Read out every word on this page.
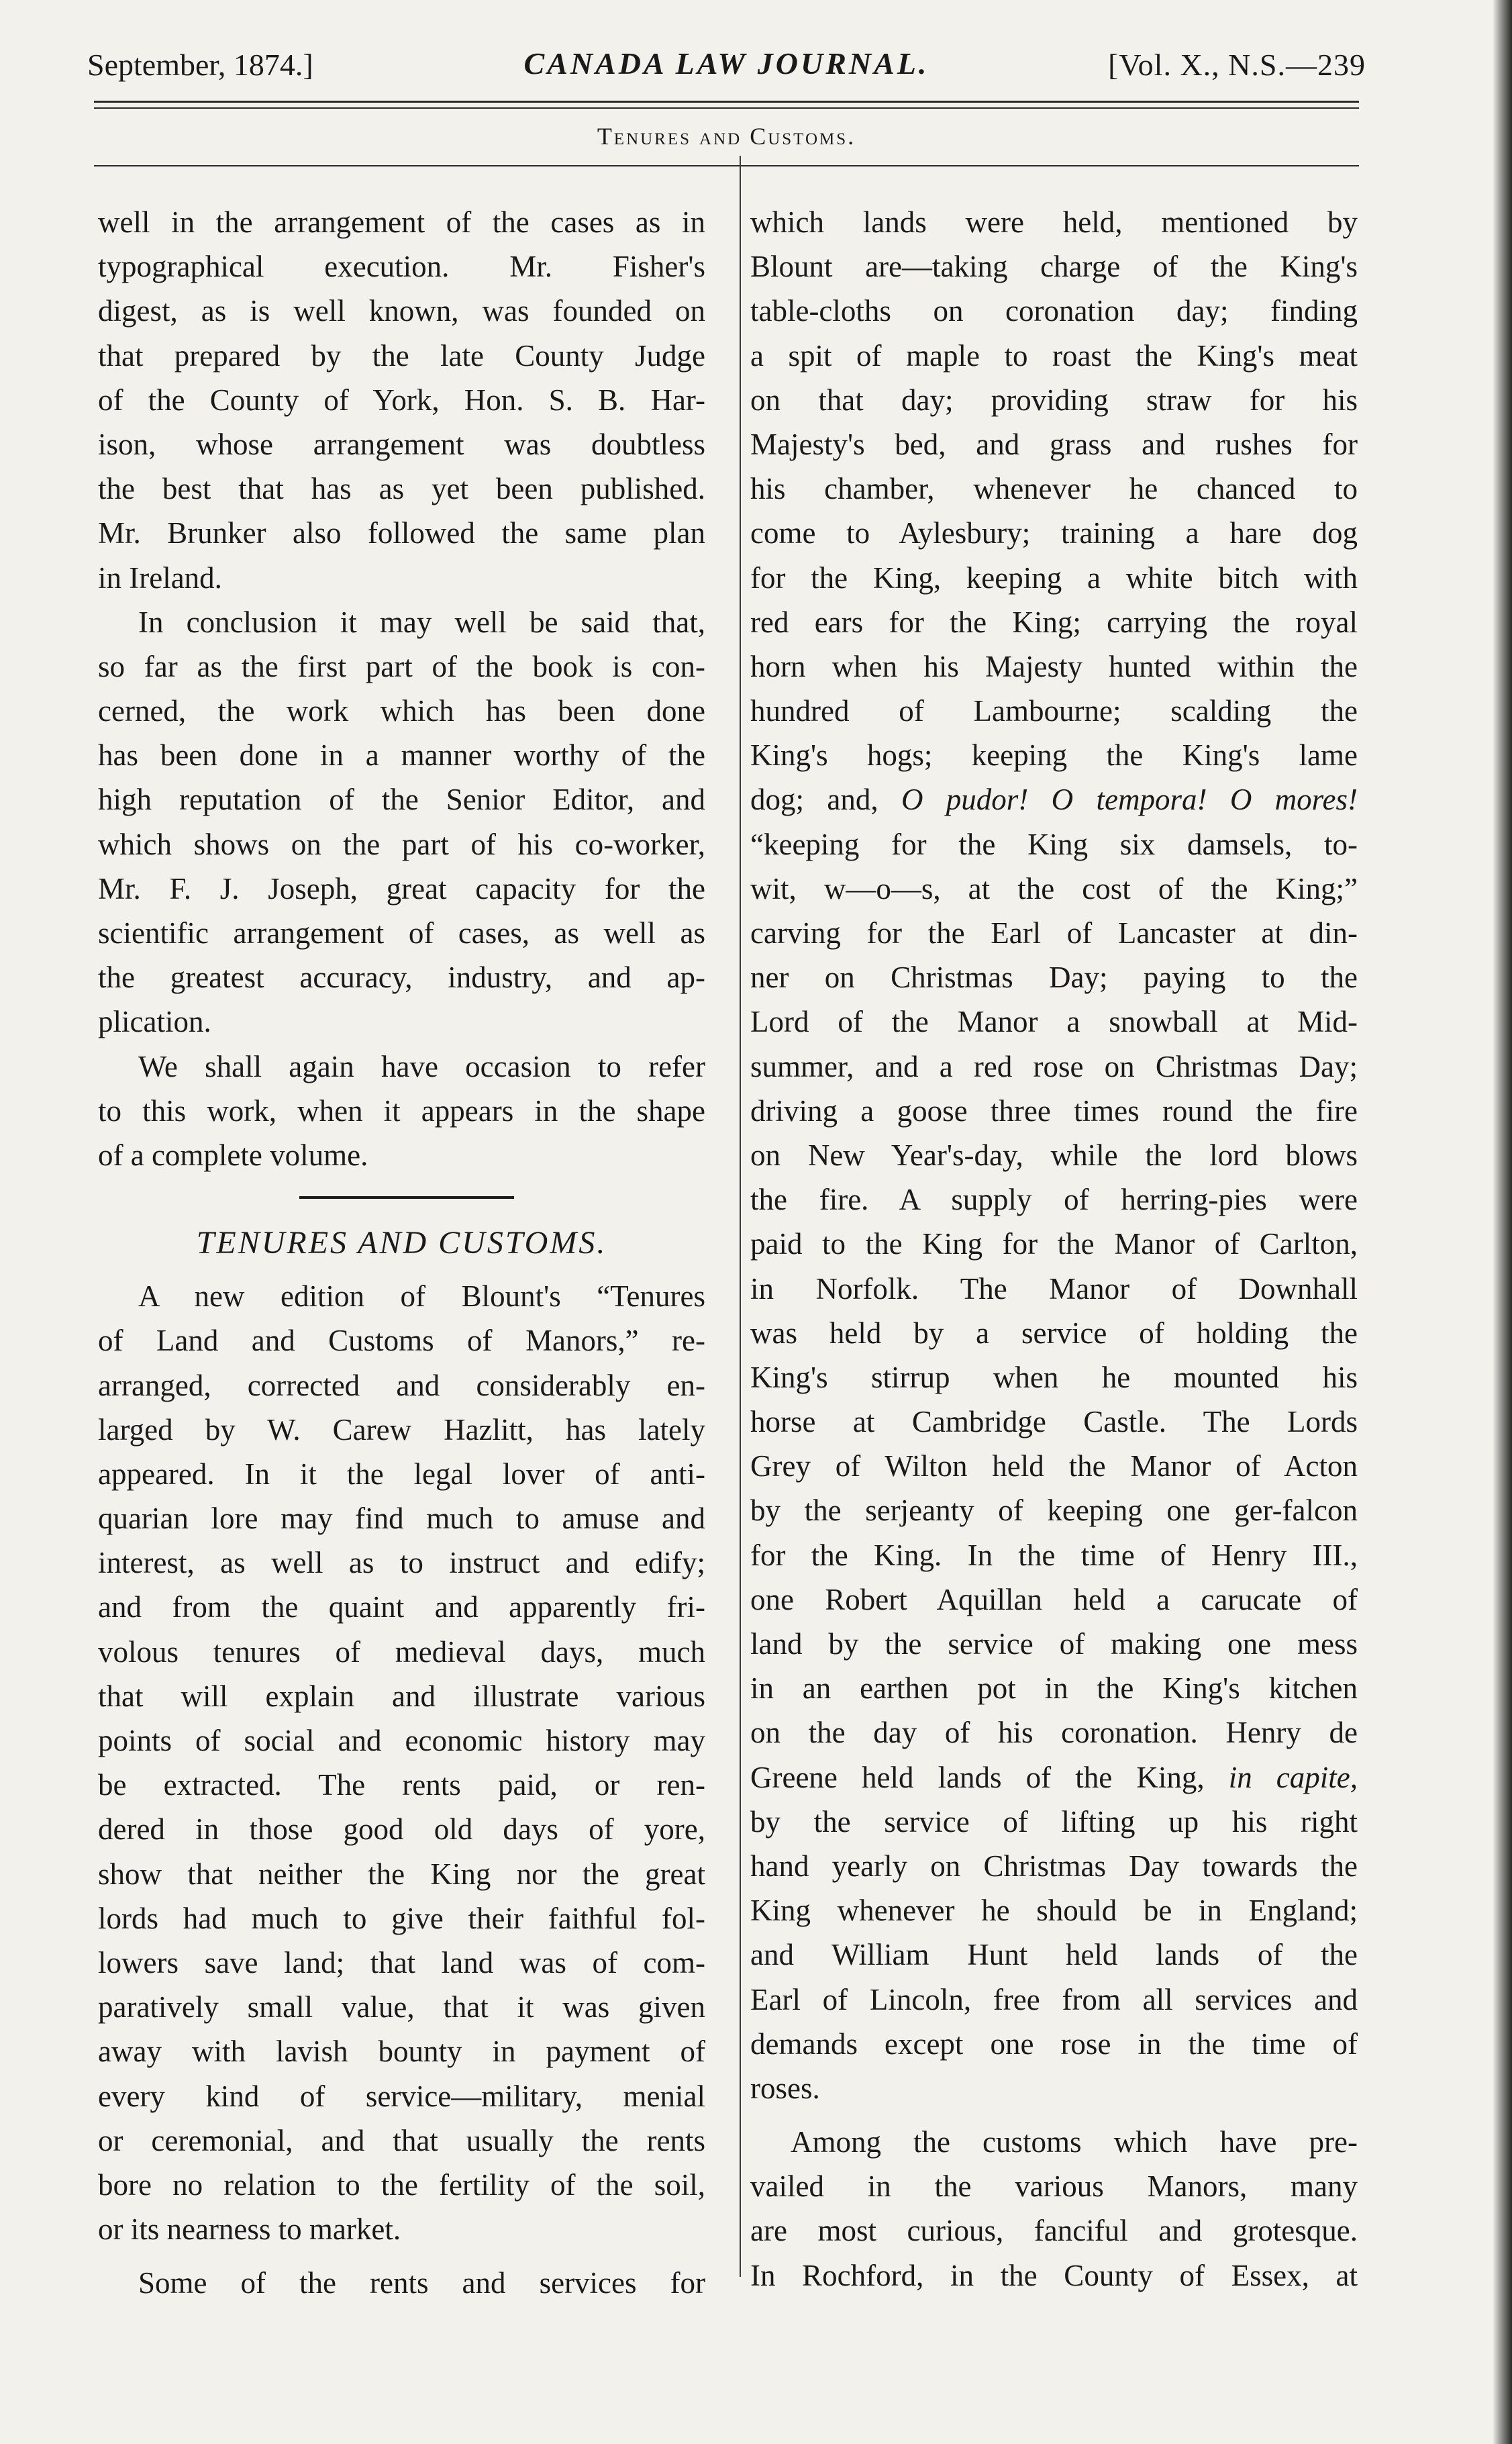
September, 1874.]	CANADA LAW JOURNAL.	[Vol. X., N.S.—239
Tenures and Customs.
well in the arrangement of the cases as in
typographical execution. Mr. Fisher's
digest, as is well known, was founded on
that prepared by the late County Judge
of the County of York, Hon. S. B. Har-
ison, whose arrangement was doubtless
the best that has as yet been published.
Mr. Brunker also followed the same plan
in Ireland.
In conclusion it may well be said that,
so far as the first part of the book is con-
cerned, the work which has been done
has been done in a manner worthy of the
high reputation of the Senior Editor, and
which shows on the part of his co-worker,
Mr. F. J. Joseph, great capacity for the
scientific arrangement of cases, as well as
the greatest accuracy, industry, and ap-
plication.
We shall again have occasion to refer
to this work, when it appears in the shape
of a complete volume.
TENURES AND CUSTOMS.
A new edition of Blount's “Tenures
of Land and Customs of Manors,” re-
arranged, corrected and considerably en-
larged by W. Carew Hazlitt, has lately
appeared. In it the legal lover of anti-
quarian lore may find much to amuse and
interest, as well as to instruct and edify;
and from the quaint and apparently fri-
volous tenures of medieval days, much
that will explain and illustrate various
points of social and economic history may
be extracted. The rents paid, or ren-
dered in those good old days of yore,
show that neither the King nor the great
lords had much to give their faithful fol-
lowers save land; that land was of com-
paratively small value, that it was given
away with lavish bounty in payment of
every kind of service—military, menial
or ceremonial, and that usually the rents
bore no relation to the fertility of the soil,
or its nearness to market.
Some of the rents and services for
which lands were held, mentioned by
Blount are—taking charge of the King's
table-cloths on coronation day; finding
a spit of maple to roast the King's meat
on that day; providing straw for his
Majesty's bed, and grass and rushes for
his chamber, whenever he chanced to
come to Aylesbury; training a hare dog
for the King, keeping a white bitch with
red ears for the King; carrying the royal
horn when his Majesty hunted within the
hundred of Lambourne; scalding the
King's hogs; keeping the King's lame
dog; and, O pudor! O tempora! O mores!
“keeping for the King six damsels, to-
wit, w—o—s, at the cost of the King;”
carving for the Earl of Lancaster at din-
ner on Christmas Day; paying to the
Lord of the Manor a snowball at Mid-
summer, and a red rose on Christmas Day;
driving a goose three times round the fire
on New Year's-day, while the lord blows
the fire. A supply of herring-pies were
paid to the King for the Manor of Carlton,
in Norfolk. The Manor of Downhall
was held by a service of holding the
King's stirrup when he mounted his
horse at Cambridge Castle. The Lords
Grey of Wilton held the Manor of Acton
by the serjeanty of keeping one ger-falcon
for the King. In the time of Henry III.,
one Robert Aquillan held a carucate of
land by the service of making one mess
in an earthen pot in the King's kitchen
on the day of his coronation. Henry de
Greene held lands of the King, in capite,
by the service of lifting up his right
hand yearly on Christmas Day towards the
King whenever he should be in England;
and William Hunt held lands of the
Earl of Lincoln, free from all services and
demands except one rose in the time of
roses.
Among the customs which have pre-
vailed in the various Manors, many
are most curious, fanciful and grotesque.
In Rochford, in the County of Essex, at
